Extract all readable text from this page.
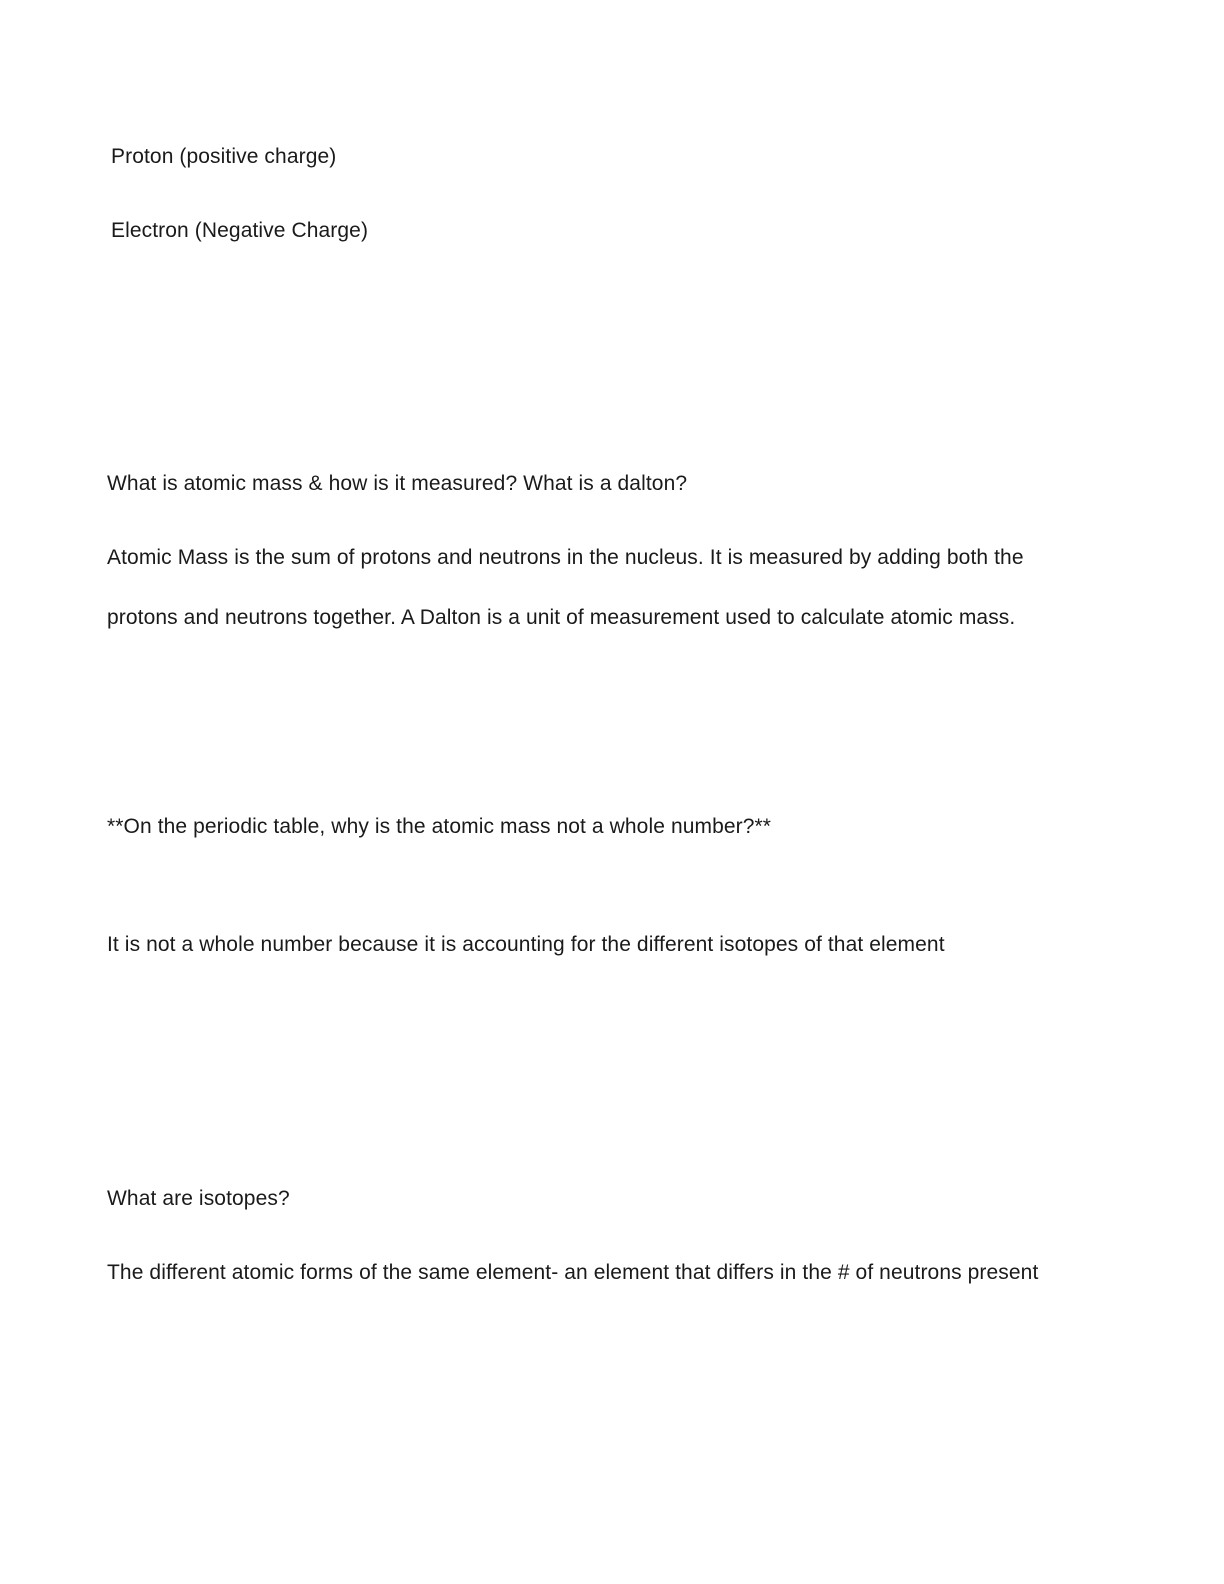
Proton (positive charge)

Electron (Negative Charge)

What is atomic mass & how is it measured? What is a dalton?

Atomic Mass is the sum of protons and neutrons in the nucleus. It is measured by adding both the

protons and neutrons together. A Dalton is a unit of measurement used to calculate atomic mass.

**On the periodic table, why is the atomic mass not a whole number?**

It is not a whole number because it is accounting for the different isotopes of that element

What are isotopes?

The different atomic forms of the same element- an element that differs in the # of neutrons present
